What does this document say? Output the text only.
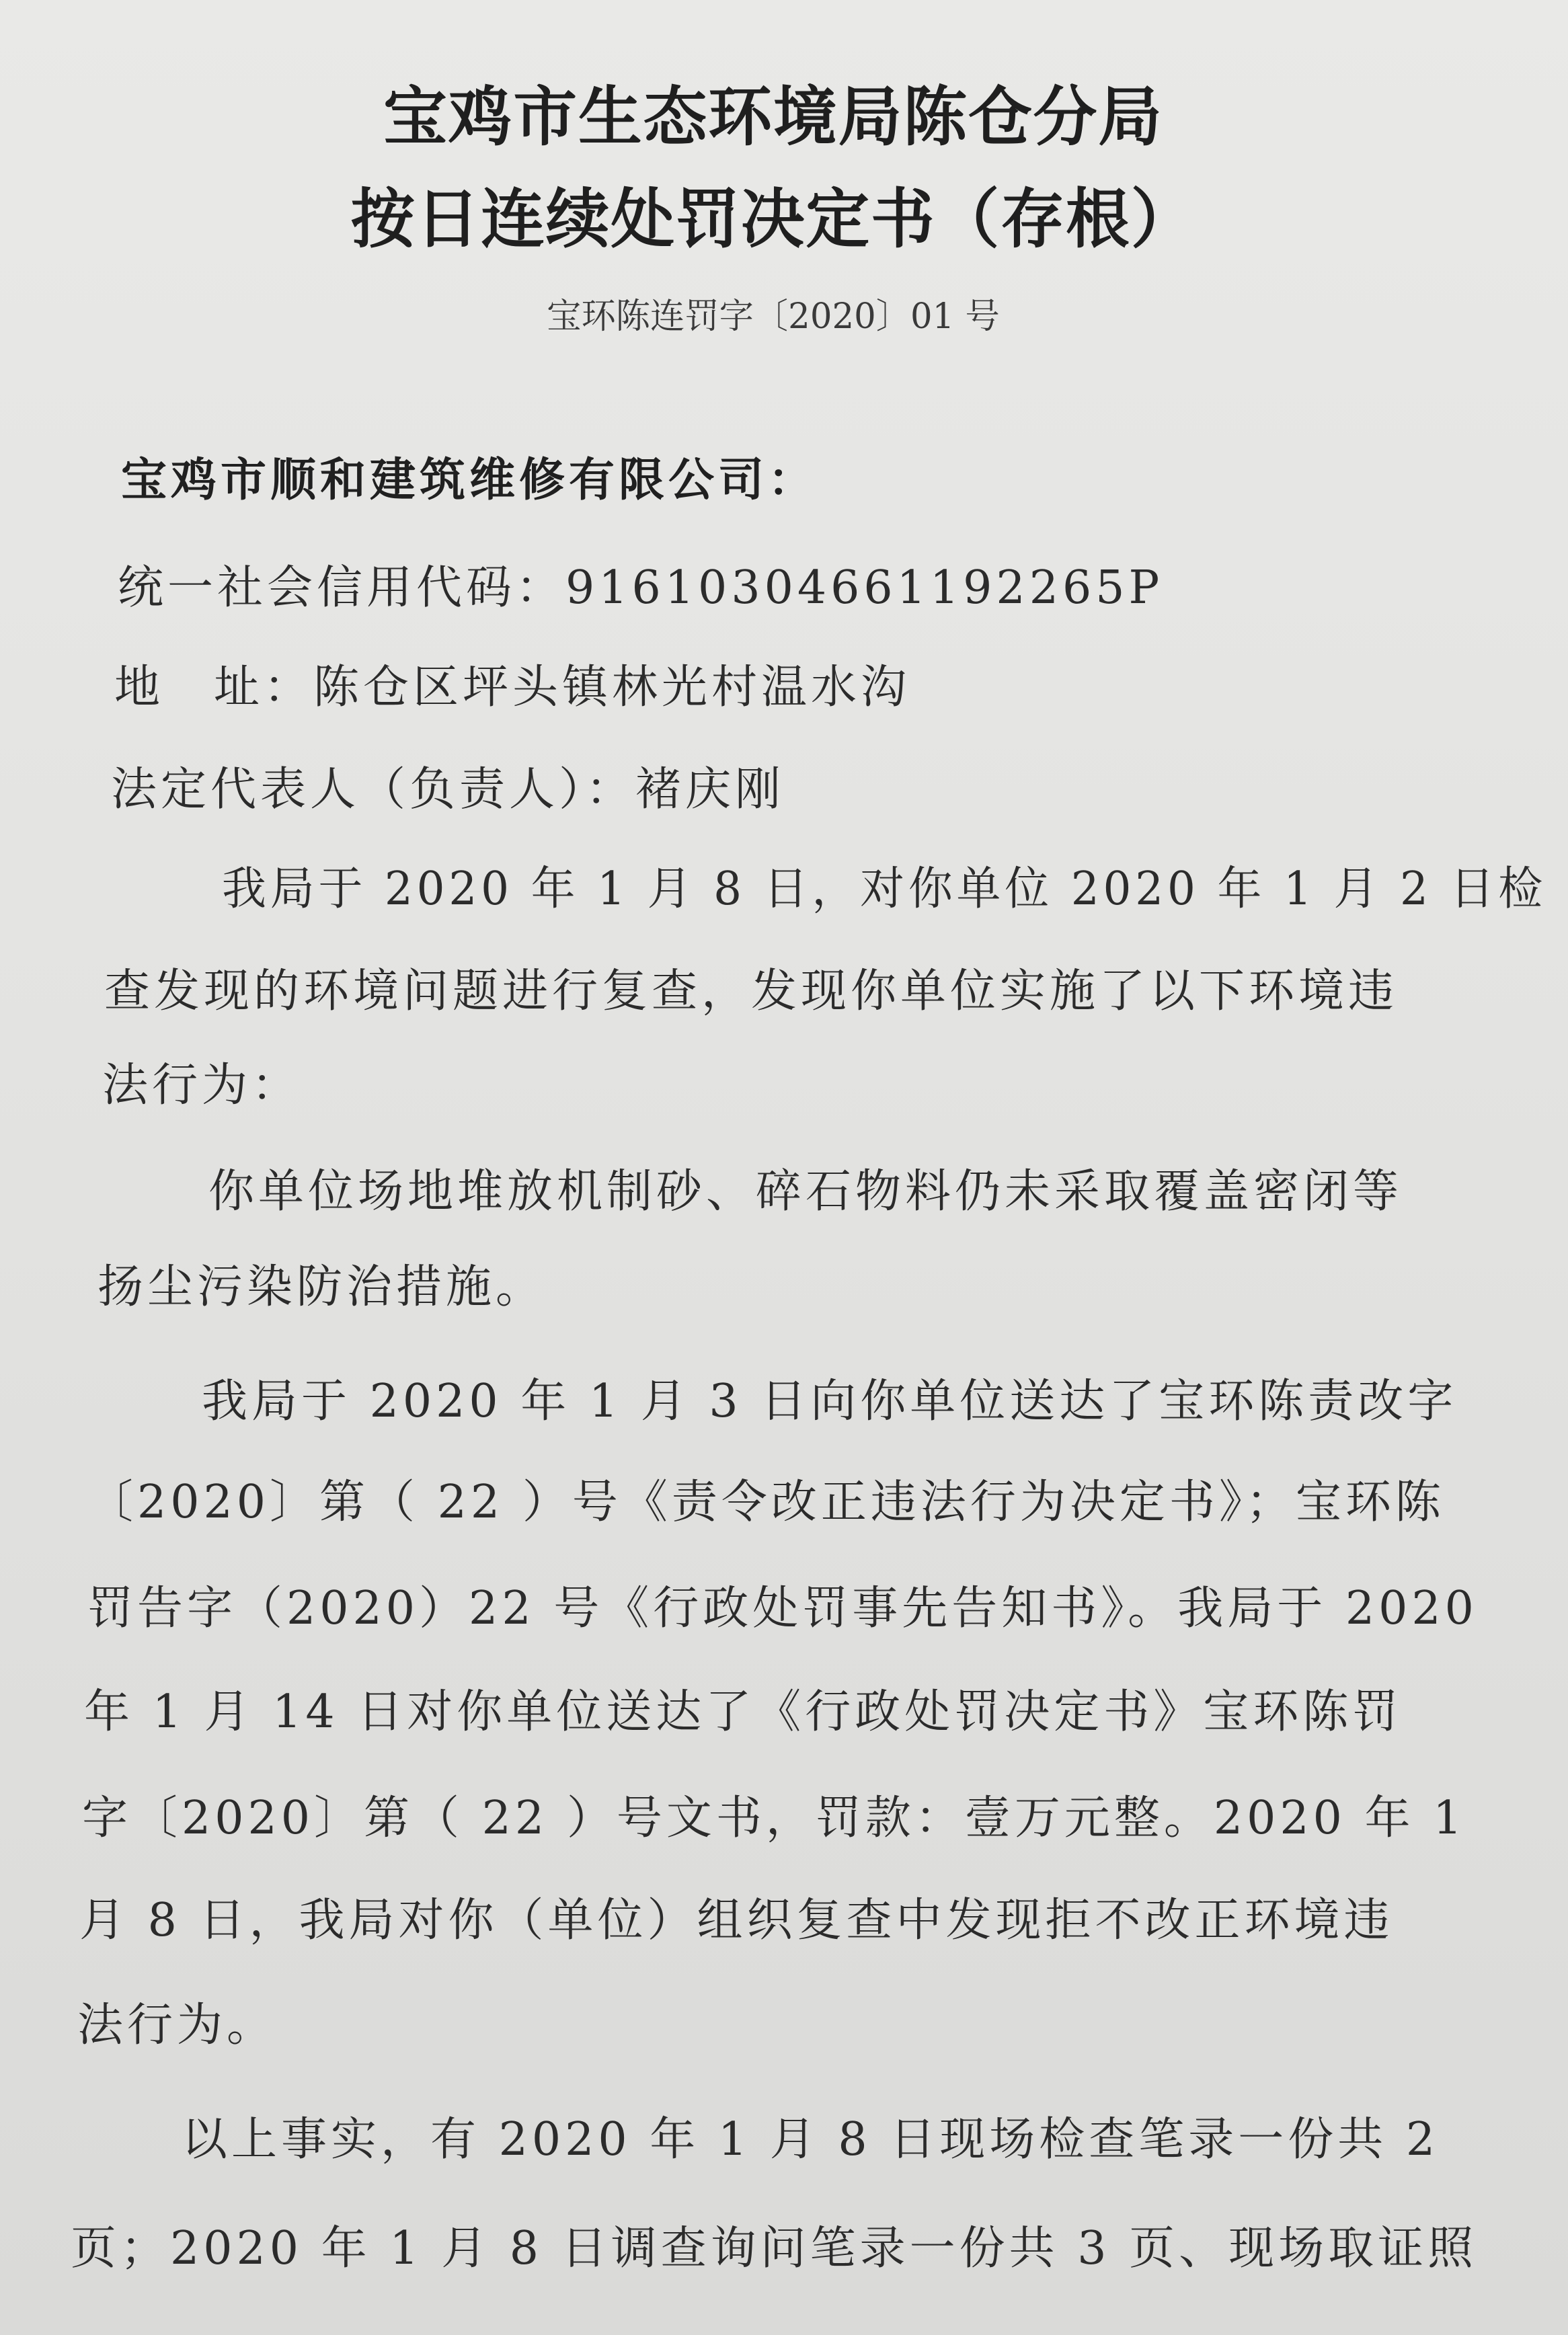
宝鸡市生态环境局陈仓分局
按日连续处罚决定书（存根）
宝环陈连罚字〔2020〕01 号
宝鸡市顺和建筑维修有限公司：
统一社会信用代码：91610304661192265P
地　址：陈仓区坪头镇林光村温水沟
法定代表人（负责人）：褚庆刚
我局于 2020 年 1 月 8 日，对你单位 2020 年 1 月 2 日检
查发现的环境问题进行复查，发现你单位实施了以下环境违
法行为：
你单位场地堆放机制砂、碎石物料仍未采取覆盖密闭等
扬尘污染防治措施。
我局于 2020 年 1 月 3 日向你单位送达了宝环陈责改字
〔2020〕第（ 22 ）号《责令改正违法行为决定书》；宝环陈
罚告字（2020）22 号《行政处罚事先告知书》。我局于 2020
年 1 月 14 日对你单位送达了《行政处罚决定书》宝环陈罚
字〔2020〕第（ 22 ）号文书，罚款：壹万元整。2020 年 1
月 8 日，我局对你（单位）组织复查中发现拒不改正环境违
法行为。
以上事实，有 2020 年 1 月 8 日现场检查笔录一份共 2
页；2020 年 1 月 8 日调查询问笔录一份共 3 页、现场取证照
